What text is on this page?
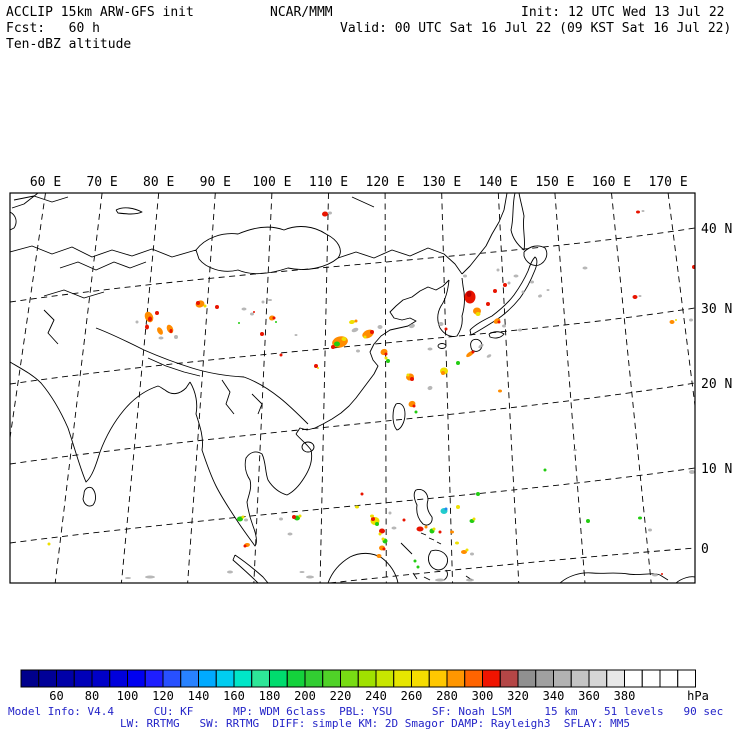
ACCLIP 15km ARW-GFS init	NCAR/MMM	Init: 12 UTC Wed 13 Jul 22
Fcst:   60 h	Valid: 00 UTC Sat 16 Jul 22 (09 KST Sat 16 Jul 22)
Ten-dBZ altitude
60 E 70 E 80 E 90 E 100 E 110 E 120 E 130 E 140 E 150 E 160 E 170 E
40 N
30 N
20 N
10 N
0
60 80 100 120 140 160 180 200 220 240 260 280 300 320 340 360 380	hPa
Model Info: V4.4      CU: KF      MP: WDM 6class  PBL: YSU      SF: Noah LSM     15 km    51 levels   90 sec
LW: RRTMG   SW: RRTMG  DIFF: simple KM: 2D Smagor DAMP: Rayleigh3  SFLAY: MM5
